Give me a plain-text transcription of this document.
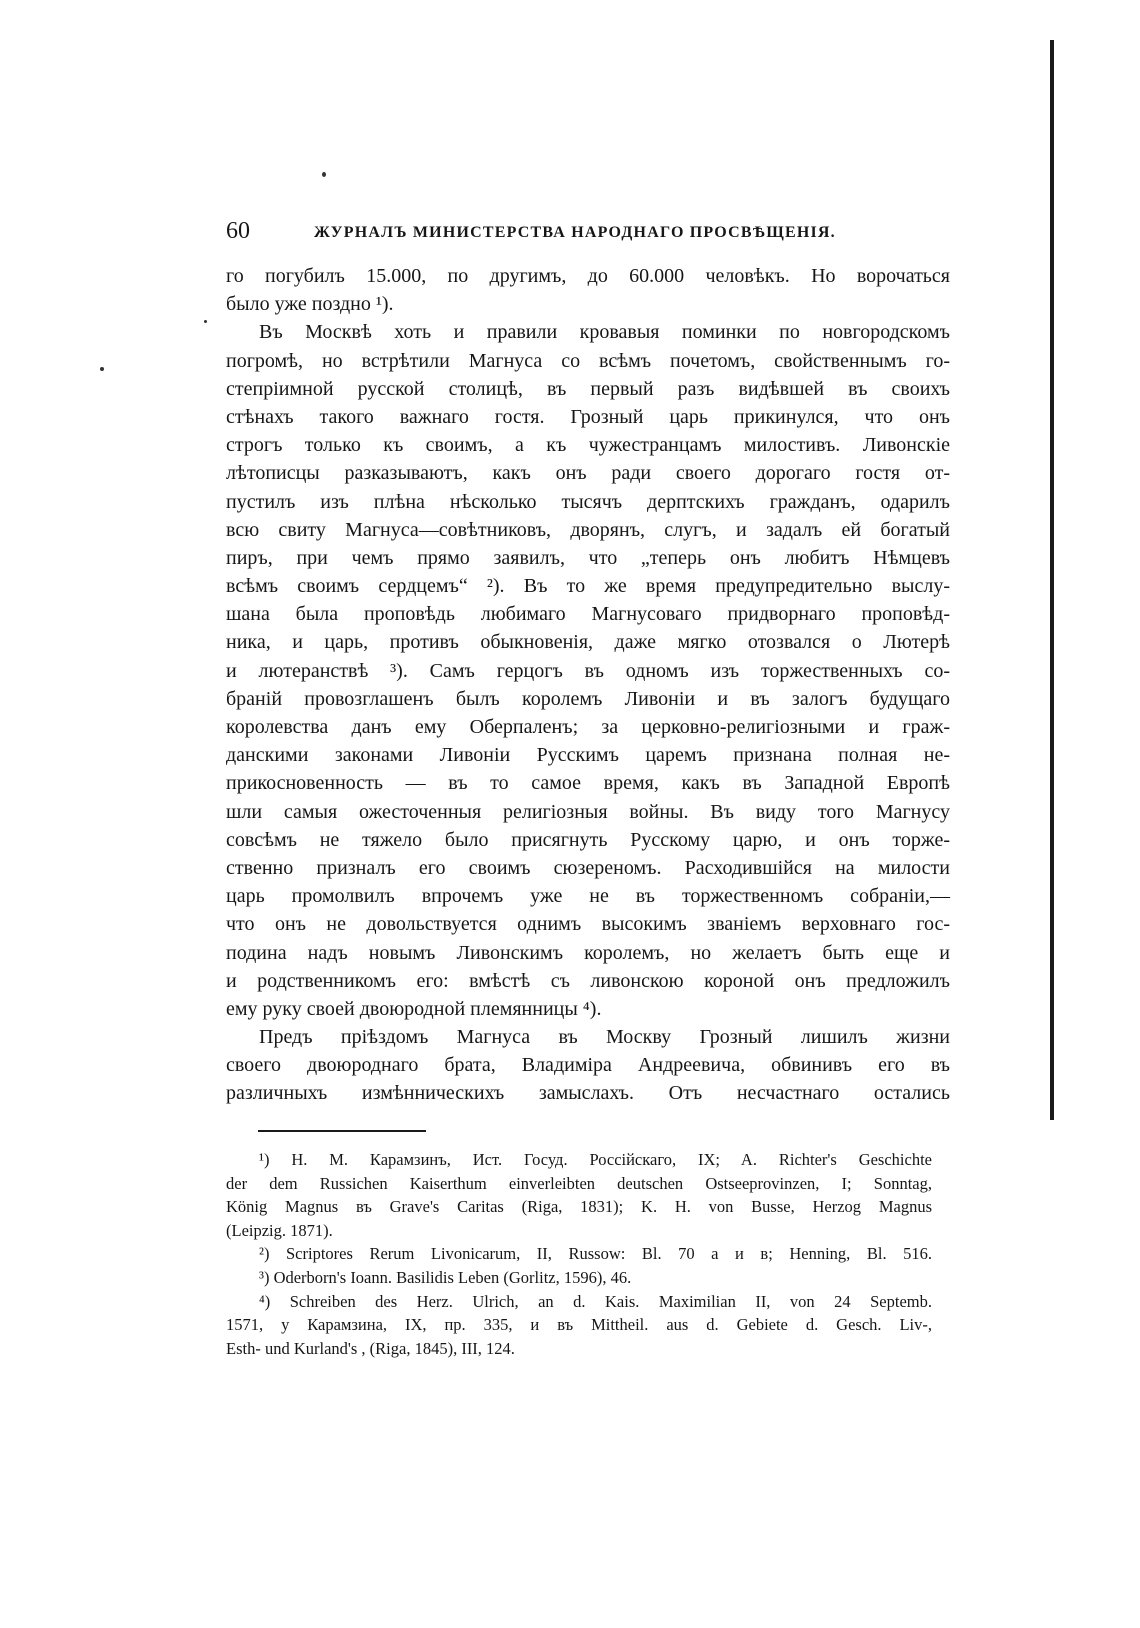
60	ЖУРНАЛЪ МИНИСТЕРСТВА НАРОДНАГО ПРОСВѢЩЕНІЯ.
го погубилъ 15.000, по другимъ, до 60.000 человѣкъ. Но ворочаться
было уже поздно ¹).
Въ Москвѣ хоть и правили кровавыя поминки по новгородскомъ
погромѣ, но встрѣтили Магнуса со всѣмъ почетомъ, свойственнымъ го-
степріимной русской столицѣ, въ первый разъ видѣвшей въ своихъ
стѣнахъ такого важнаго гостя. Грозный царь прикинулся, что онъ
строгъ только къ своимъ, а къ чужестранцамъ милостивъ. Ливонскіе
лѣтописцы разказываютъ, какъ онъ ради своего дорогаго гостя от-
пустилъ изъ плѣна нѣсколько тысячъ дерптскихъ гражданъ, одарилъ
всю свиту Магнуса—совѣтниковъ, дворянъ, слугъ, и задалъ ей богатый
пиръ, при чемъ прямо заявилъ, что „теперь онъ любитъ Нѣмцевъ
всѣмъ своимъ сердцемъ“ ²). Въ то же время предупредительно выслу-
шана была проповѣдь любимаго Магнусоваго придворнаго проповѣд-
ника, и царь, противъ обыкновенія, даже мягко отозвался о Лютерѣ
и лютеранствѣ ³). Самъ герцогъ въ одномъ изъ торжественныхъ со-
браній провозглашенъ былъ королемъ Ливоніи и въ залогъ будущаго
королевства данъ ему Оберпаленъ; за церковно-религіозными и граж-
данскими законами Ливоніи Русскимъ царемъ признана полная не-
прикосновенность — въ то самое время, какъ въ Западной Европѣ
шли самыя ожесточенныя религіозныя войны. Въ виду того Магнусу
совсѣмъ не тяжело было присягнуть Русскому царю, и онъ торже-
ственно призналъ его своимъ сюзереномъ. Расходившійся на милости
царь промолвилъ впрочемъ уже не въ торжественномъ собраніи,—
что онъ не довольствуется однимъ высокимъ званіемъ верховнаго гос-
подина надъ новымъ Ливонскимъ королемъ, но желаетъ быть еще и
и родственникомъ его: вмѣстѣ съ ливонскою короной онъ предложилъ
ему руку своей двоюродной племянницы ⁴).
Предъ пріѣздомъ Магнуса въ Москву Грозный лишилъ жизни
своего двоюроднаго брата, Владиміра Андреевича, обвинивъ его въ
различныхъ измѣнническихъ замыслахъ. Отъ несчастнаго остались
¹) Н. М. Карамзинъ, Ист. Госуд. Россійскаго, IX; A. Richter's Geschichte
der dem Russichen Kaiserthum einverleibten deutschen Ostseeprovinzen, I; Sonntag,
König Magnus въ Grave's Caritas (Riga, 1831); K. H. von Busse, Herzog Magnus
(Leipzig. 1871).
²) Scriptores Rerum Livonicarum, II, Russow: Bl. 70 а и в; Henning, Bl. 516.
³) Oderborn's Ioann. Basilidis Leben (Gorlitz, 1596), 46.
⁴) Schreiben des Herz. Ulrich, an d. Kais. Maximilian II, von 24 Septemb.
1571, у Карамзина, IX, пр. 335, и въ Mittheil. aus d. Gebiete d. Gesch. Liv-,
Esth- und Kurland's , (Riga, 1845), III, 124.
